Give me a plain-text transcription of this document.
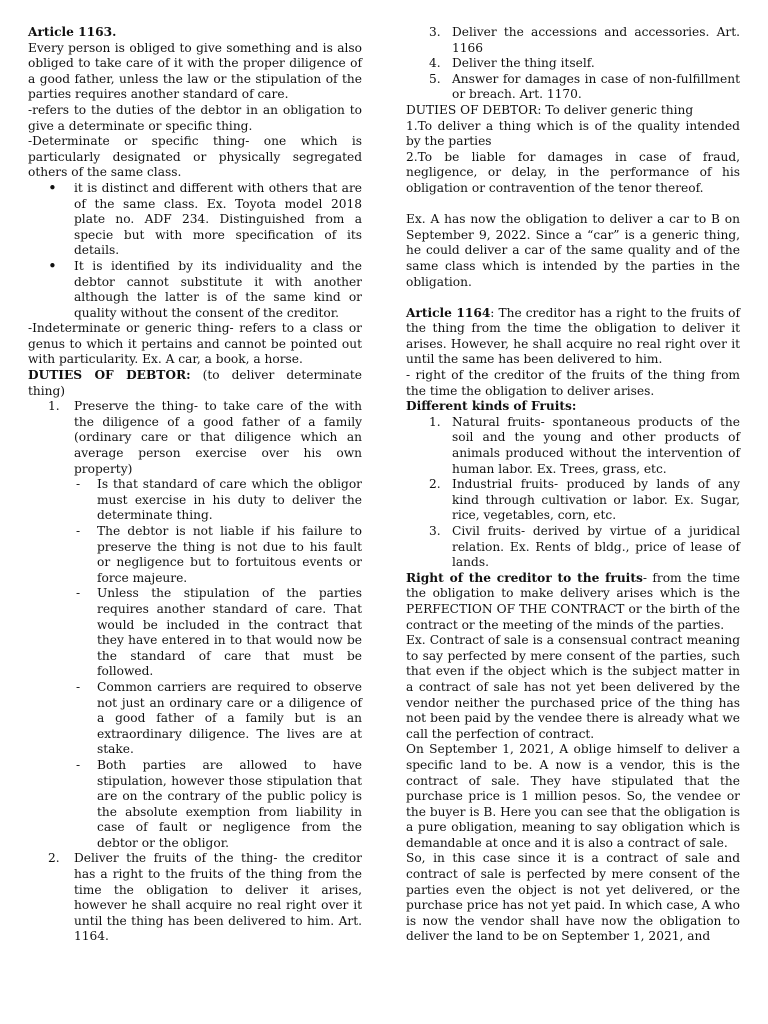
Article 1163.

Every person is obliged to give something and is also obliged to take care of it with the proper diligence of a good father, unless the law or the stipulation of the parties requires another standard of care.

-refers to the duties of the debtor in an obligation to give a determinate or specific thing.

-Determinate or specific thing- one which is particularly designated or physically segregated others of the same class.

• it is distinct and different with others that are of the same class. Ex. Toyota model 2018 plate no. ADF 234. Distinguished from a specie but with more specification of its details.
• It is identified by its individuality and the debtor cannot substitute it with another although the latter is of the same kind or quality without the consent of the creditor.

-Indeterminate or generic thing- refers to a class or genus to which it pertains and cannot be pointed out with particularity. Ex. A car, a book, a horse.

DUTIES OF DEBTOR: (to deliver determinate thing)

1. Preserve the thing- to take care of the with the diligence of a good father of a family (ordinary care or that diligence which an average person exercise over his own property)
- Is that standard of care which the obligor must exercise in his duty to deliver the determinate thing.
- The debtor is not liable if his failure to preserve the thing is not due to his fault or negligence but to fortuitous events or force majeure.
- Unless the stipulation of the parties requires another standard of care. That would be included in the contract that they have entered in to that would now be the standard of care that must be followed.
- Common carriers are required to observe not just an ordinary care or a diligence of a good father of a family but is an extraordinary diligence. The lives are at stake.
- Both parties are allowed to have stipulation, however those stipulation that are on the contrary of the public policy is the absolute exemption from liability in case of fault or negligence from the debtor or the obligor.
2. Deliver the fruits of the thing- the creditor has a right to the fruits of the thing from the time the obligation to deliver it arises, however he shall acquire no real right over it until the thing has been delivered to him. Art. 1164.
3. Deliver the accessions and accessories. Art. 1166
4. Deliver the thing itself.
5. Answer for damages in case of non-fulfillment or breach. Art. 1170.

DUTIES OF DEBTOR: To deliver generic thing

1.To deliver a thing which is of the quality intended by the parties

2.To be liable for damages in case of fraud, negligence, or delay, in the performance of his obligation or contravention of the tenor thereof.

Ex. A has now the obligation to deliver a car to B on September 9, 2022. Since a “car” is a generic thing, he could deliver a car of the same quality and of the same class which is intended by the parties in the obligation.

Article 1164: The creditor has a right to the fruits of the thing from the time the obligation to deliver it arises. However, he shall acquire no real right over it until the same has been delivered to him.

- right of the creditor of the fruits of the thing from the time the obligation to deliver arises.

Different kinds of Fruits:

1. Natural fruits- spontaneous products of the soil and the young and other products of animals produced without the intervention of human labor. Ex. Trees, grass, etc.
2. Industrial fruits- produced by lands of any kind through cultivation or labor. Ex. Sugar, rice, vegetables, corn, etc.
3. Civil fruits- derived by virtue of a juridical relation. Ex. Rents of bldg., price of lease of lands.

Right of the creditor to the fruits- from the time the obligation to make delivery arises which is the PERFECTION OF THE CONTRACT or the birth of the contract or the meeting of the minds of the parties.

Ex. Contract of sale is a consensual contract meaning to say perfected by mere consent of the parties, such that even if the object which is the subject matter in a contract of sale has not yet been delivered by the vendor neither the purchased price of the thing has not been paid by the vendee there is already what we call the perfection of contract.

On September 1, 2021, A oblige himself to deliver a specific land to be. A now is a vendor, this is the contract of sale. They have stipulated that the purchase price is 1 million pesos. So, the vendee or the buyer is B. Here you can see that the obligation is a pure obligation, meaning to say obligation which is demandable at once and it is also a contract of sale.

So, in this case since it is a contract of sale and contract of sale is perfected by mere consent of the parties even the object is not yet delivered, or the purchase price has not yet paid. In which case, A who is now the vendor shall have now the obligation to deliver the land to be on September 1, 2021, and
